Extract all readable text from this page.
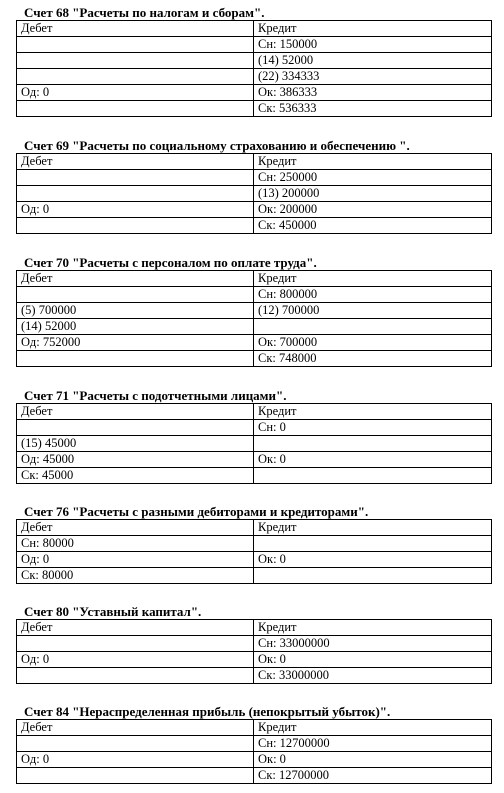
Счет 68 "Расчеты по налогам и сборам".
Дебет	Кредит
	Сн: 150000
	(14) 52000
	(22) 334333
Од: 0	Ок: 386333
	Ск: 536333
Счет 69 "Расчеты по социальному страхованию и обеспечению ".
Дебет	Кредит
	Сн: 250000
	(13) 200000
Од: 0	Ок: 200000
	Ск: 450000
Счет 70 "Расчеты с персоналом по оплате труда".
Дебет	Кредит
	Сн: 800000
(5) 700000	(12) 700000
(14) 52000	
Од: 752000	Ок: 700000
	Ск: 748000
Счет 71 "Расчеты с подотчетными лицами".
Дебет	Кредит
	Сн: 0
(15) 45000	
Од: 45000	Ок: 0
Ск: 45000	
Счет 76 "Расчеты с разными дебиторами и кредиторами".
Дебет	Кредит
Сн: 80000	
Од: 0	Ок: 0
Ск: 80000	
Счет 80 "Уставный капитал".
Дебет	Кредит
	Сн: 33000000
Од: 0	Ок: 0
	Ск: 33000000
Счет 84 "Нераспределенная прибыль (непокрытый убыток)".
Дебет	Кредит
	Сн: 12700000
Од: 0	Ок: 0
	Ск: 12700000
